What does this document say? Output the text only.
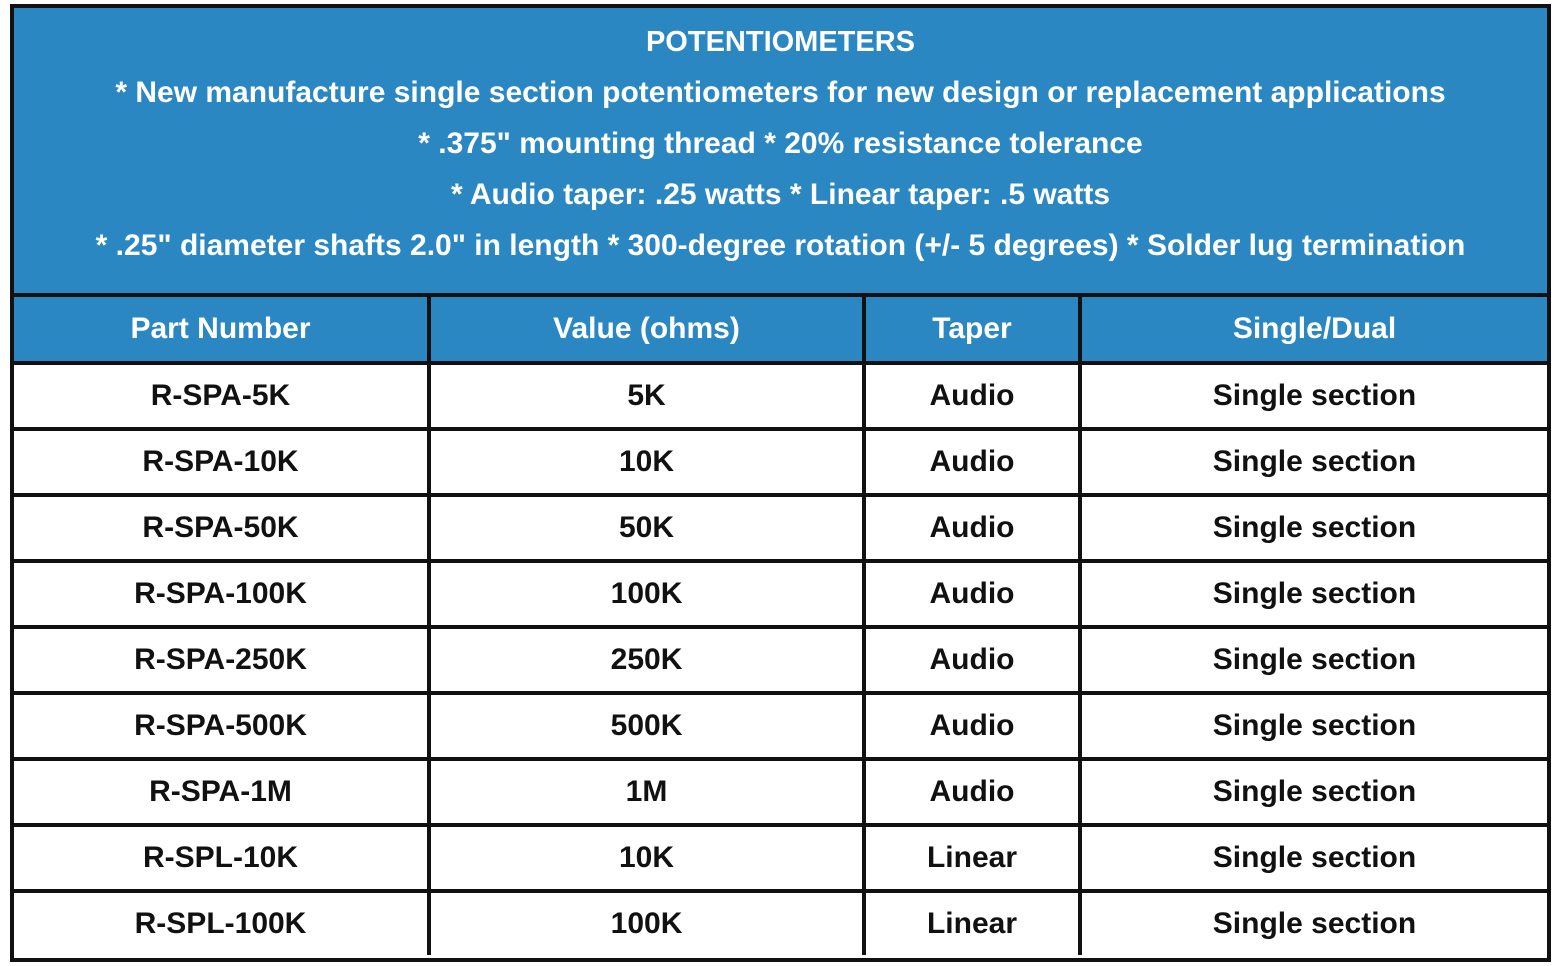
POTENTIOMETERS
* New manufacture single section potentiometers for new design or replacement applications
* .375" mounting thread * 20% resistance tolerance
* Audio taper: .25 watts * Linear taper: .5 watts
* .25" diameter shafts 2.0" in length * 300-degree rotation (+/- 5 degrees) * Solder lug termination
Part Number	Value (ohms)	Taper	Single/Dual
R-SPA-5K	5K	Audio	Single section
R-SPA-10K	10K	Audio	Single section
R-SPA-50K	50K	Audio	Single section
R-SPA-100K	100K	Audio	Single section
R-SPA-250K	250K	Audio	Single section
R-SPA-500K	500K	Audio	Single section
R-SPA-1M	1M	Audio	Single section
R-SPL-10K	10K	Linear	Single section
R-SPL-100K	100K	Linear	Single section
